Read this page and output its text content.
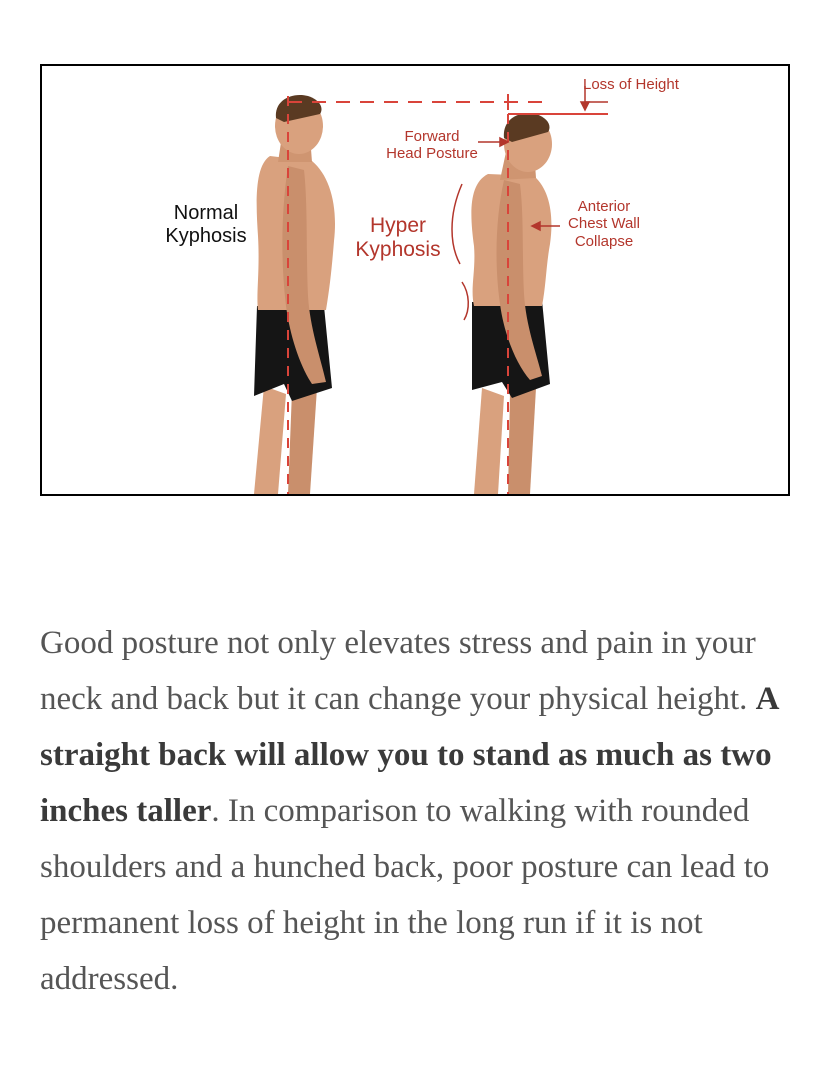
Loss of Height
Forward
Head Posture
Normal
Kyphosis	Hyper
Kyphosis
Anterior
Chest Wall
Collapse

Good posture not only elevates stress and pain in your neck and back but it can change your physical height. A straight back will allow you to stand as much as two inches taller. In comparison to walking with rounded shoulders and a hunched back, poor posture can lead to permanent loss of height in the long run if it is not addressed.
